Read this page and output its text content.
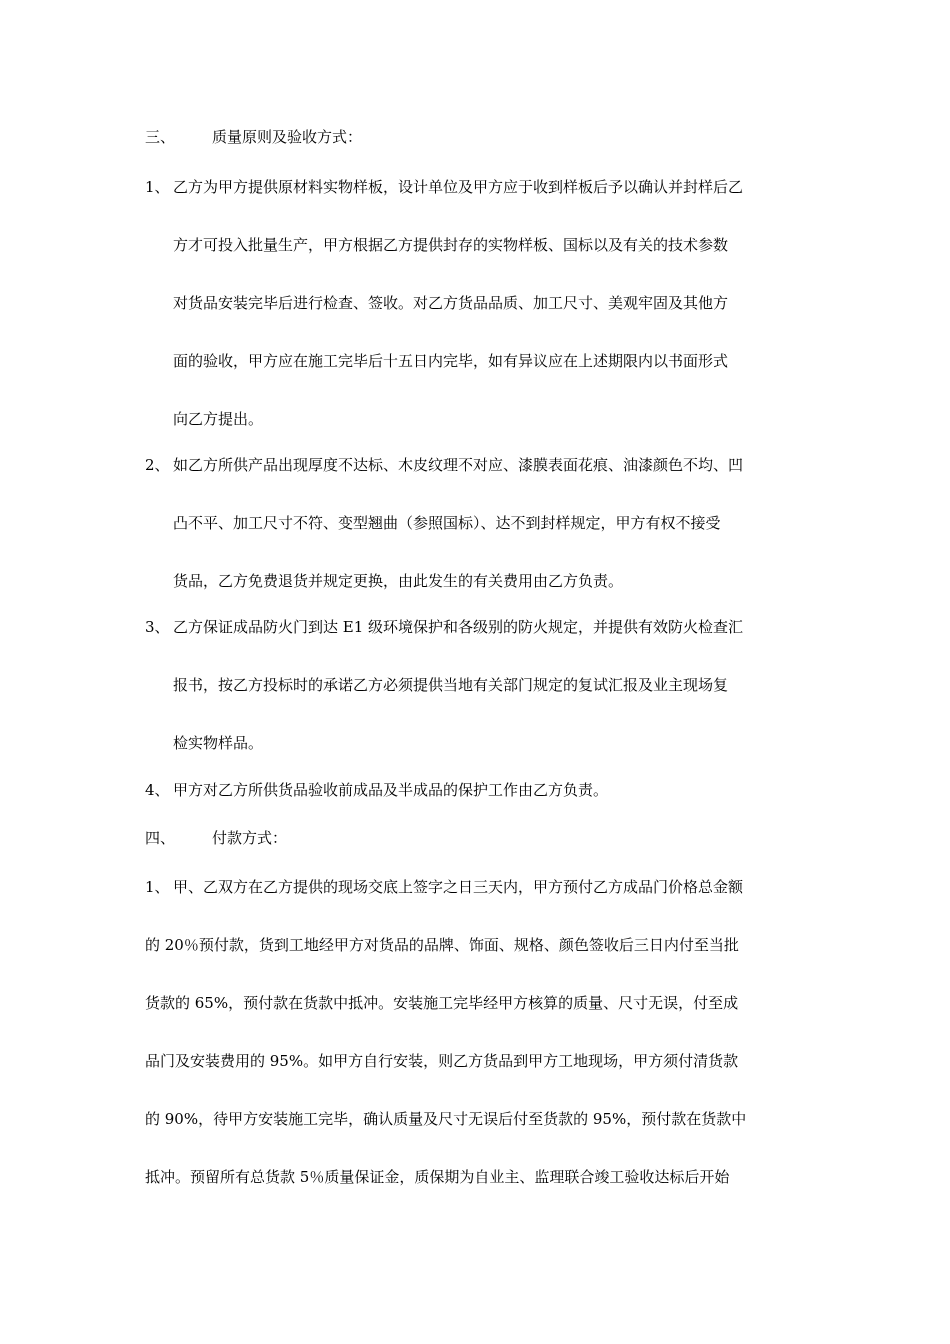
三、 质量原则及验收方式：
1、 乙方为甲方提供原材料实物样板，设计单位及甲方应于收到样板后予以确认并封样后乙
方才可投入批量生产，甲方根据乙方提供封存的实物样板、国标以及有关的技术参数
对货品安装完毕后进行检查、签收。对乙方货品品质、加工尺寸、美观牢固及其他方
面的验收，甲方应在施工完毕后十五日内完毕，如有异议应在上述期限内以书面形式
向乙方提出。
2、 如乙方所供产品出现厚度不达标、木皮纹理不对应、漆膜表面花痕、油漆颜色不均、凹
凸不平、加工尺寸不符、变型翘曲（参照国标）、达不到封样规定，甲方有权不接受
货品，乙方免费退货并规定更换，由此发生的有关费用由乙方负责。
3、 乙方保证成品防火门到达 E1 级环境保护和各级别的防火规定，并提供有效防火检查汇
报书，按乙方投标时的承诺乙方必须提供当地有关部门规定的复试汇报及业主现场复
检实物样品。
4、 甲方对乙方所供货品验收前成品及半成品的保护工作由乙方负责。
四、 付款方式：
1、 甲、乙双方在乙方提供的现场交底上签字之日三天内，甲方预付乙方成品门价格总金额
的 20％预付款，货到工地经甲方对货品的品牌、饰面、规格、颜色签收后三日内付至当批
货款的 65%，预付款在货款中抵冲。安装施工完毕经甲方核算的质量、尺寸无误，付至成
品门及安装费用的 95%。如甲方自行安装，则乙方货品到甲方工地现场，甲方须付清货款
的 90%，待甲方安装施工完毕，确认质量及尺寸无误后付至货款的 95%，预付款在货款中
抵冲。预留所有总货款 5％质量保证金，质保期为自业主、监理联合竣工验收达标后开始
